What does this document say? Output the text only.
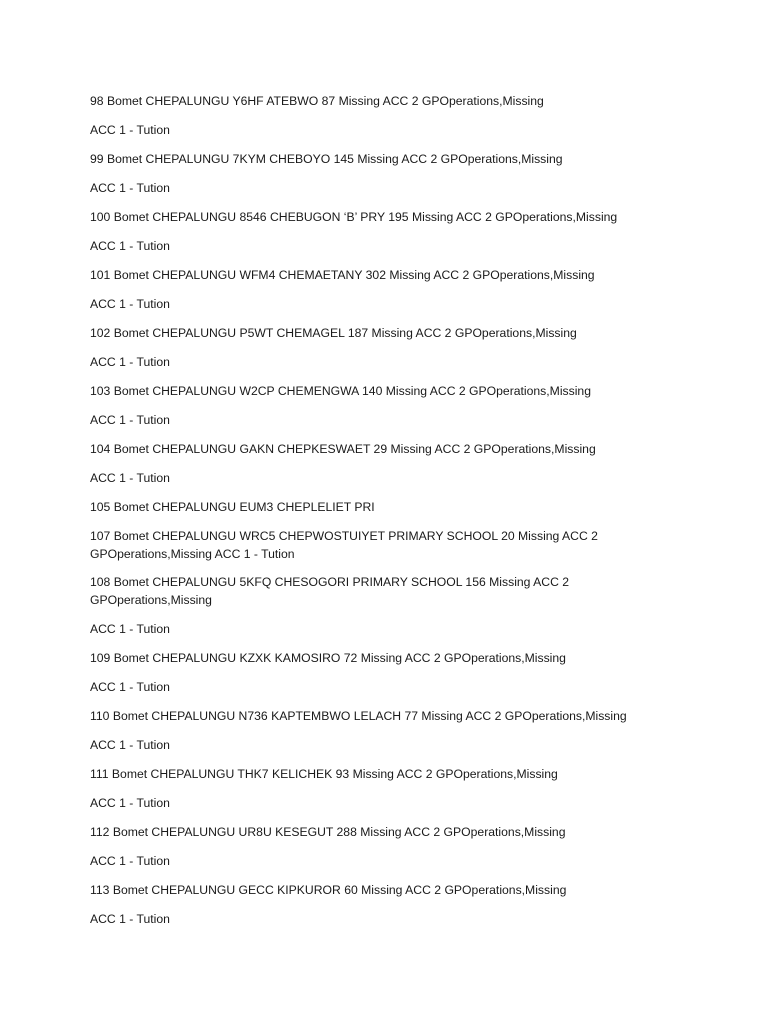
98 Bomet CHEPALUNGU Y6HF ATEBWO 87 Missing ACC 2 GPOperations,Missing

ACC 1 - Tution

99 Bomet CHEPALUNGU 7KYM CHEBOYO 145 Missing ACC 2 GPOperations,Missing

ACC 1 - Tution

100 Bomet CHEPALUNGU 8546 CHEBUGON ‘B’ PRY 195 Missing ACC 2 GPOperations,Missing

ACC 1 - Tution

101 Bomet CHEPALUNGU WFM4 CHEMAETANY 302 Missing ACC 2 GPOperations,Missing

ACC 1 - Tution

102 Bomet CHEPALUNGU P5WT CHEMAGEL 187 Missing ACC 2 GPOperations,Missing

ACC 1 - Tution

103 Bomet CHEPALUNGU W2CP CHEMENGWA 140 Missing ACC 2 GPOperations,Missing

ACC 1 - Tution

104 Bomet CHEPALUNGU GAKN CHEPKESWAET 29 Missing ACC 2 GPOperations,Missing

ACC 1 - Tution

105 Bomet CHEPALUNGU EUM3 CHEPLELIET PRI

107 Bomet CHEPALUNGU WRC5 CHEPWOSTUIYET PRIMARY SCHOOL 20 Missing ACC 2 GPOperations,Missing ACC 1 - Tution

108 Bomet CHEPALUNGU 5KFQ CHESOGORI PRIMARY SCHOOL 156 Missing ACC 2 GPOperations,Missing

ACC 1 - Tution

109 Bomet CHEPALUNGU KZXK KAMOSIRO 72 Missing ACC 2 GPOperations,Missing

ACC 1 - Tution

110 Bomet CHEPALUNGU N736 KAPTEMBWO LELACH 77 Missing ACC 2 GPOperations,Missing

ACC 1 - Tution

111 Bomet CHEPALUNGU THK7 KELICHEK 93 Missing ACC 2 GPOperations,Missing

ACC 1 - Tution

112 Bomet CHEPALUNGU UR8U KESEGUT 288 Missing ACC 2 GPOperations,Missing

ACC 1 - Tution

113 Bomet CHEPALUNGU GECC KIPKUROR 60 Missing ACC 2 GPOperations,Missing

ACC 1 - Tution
